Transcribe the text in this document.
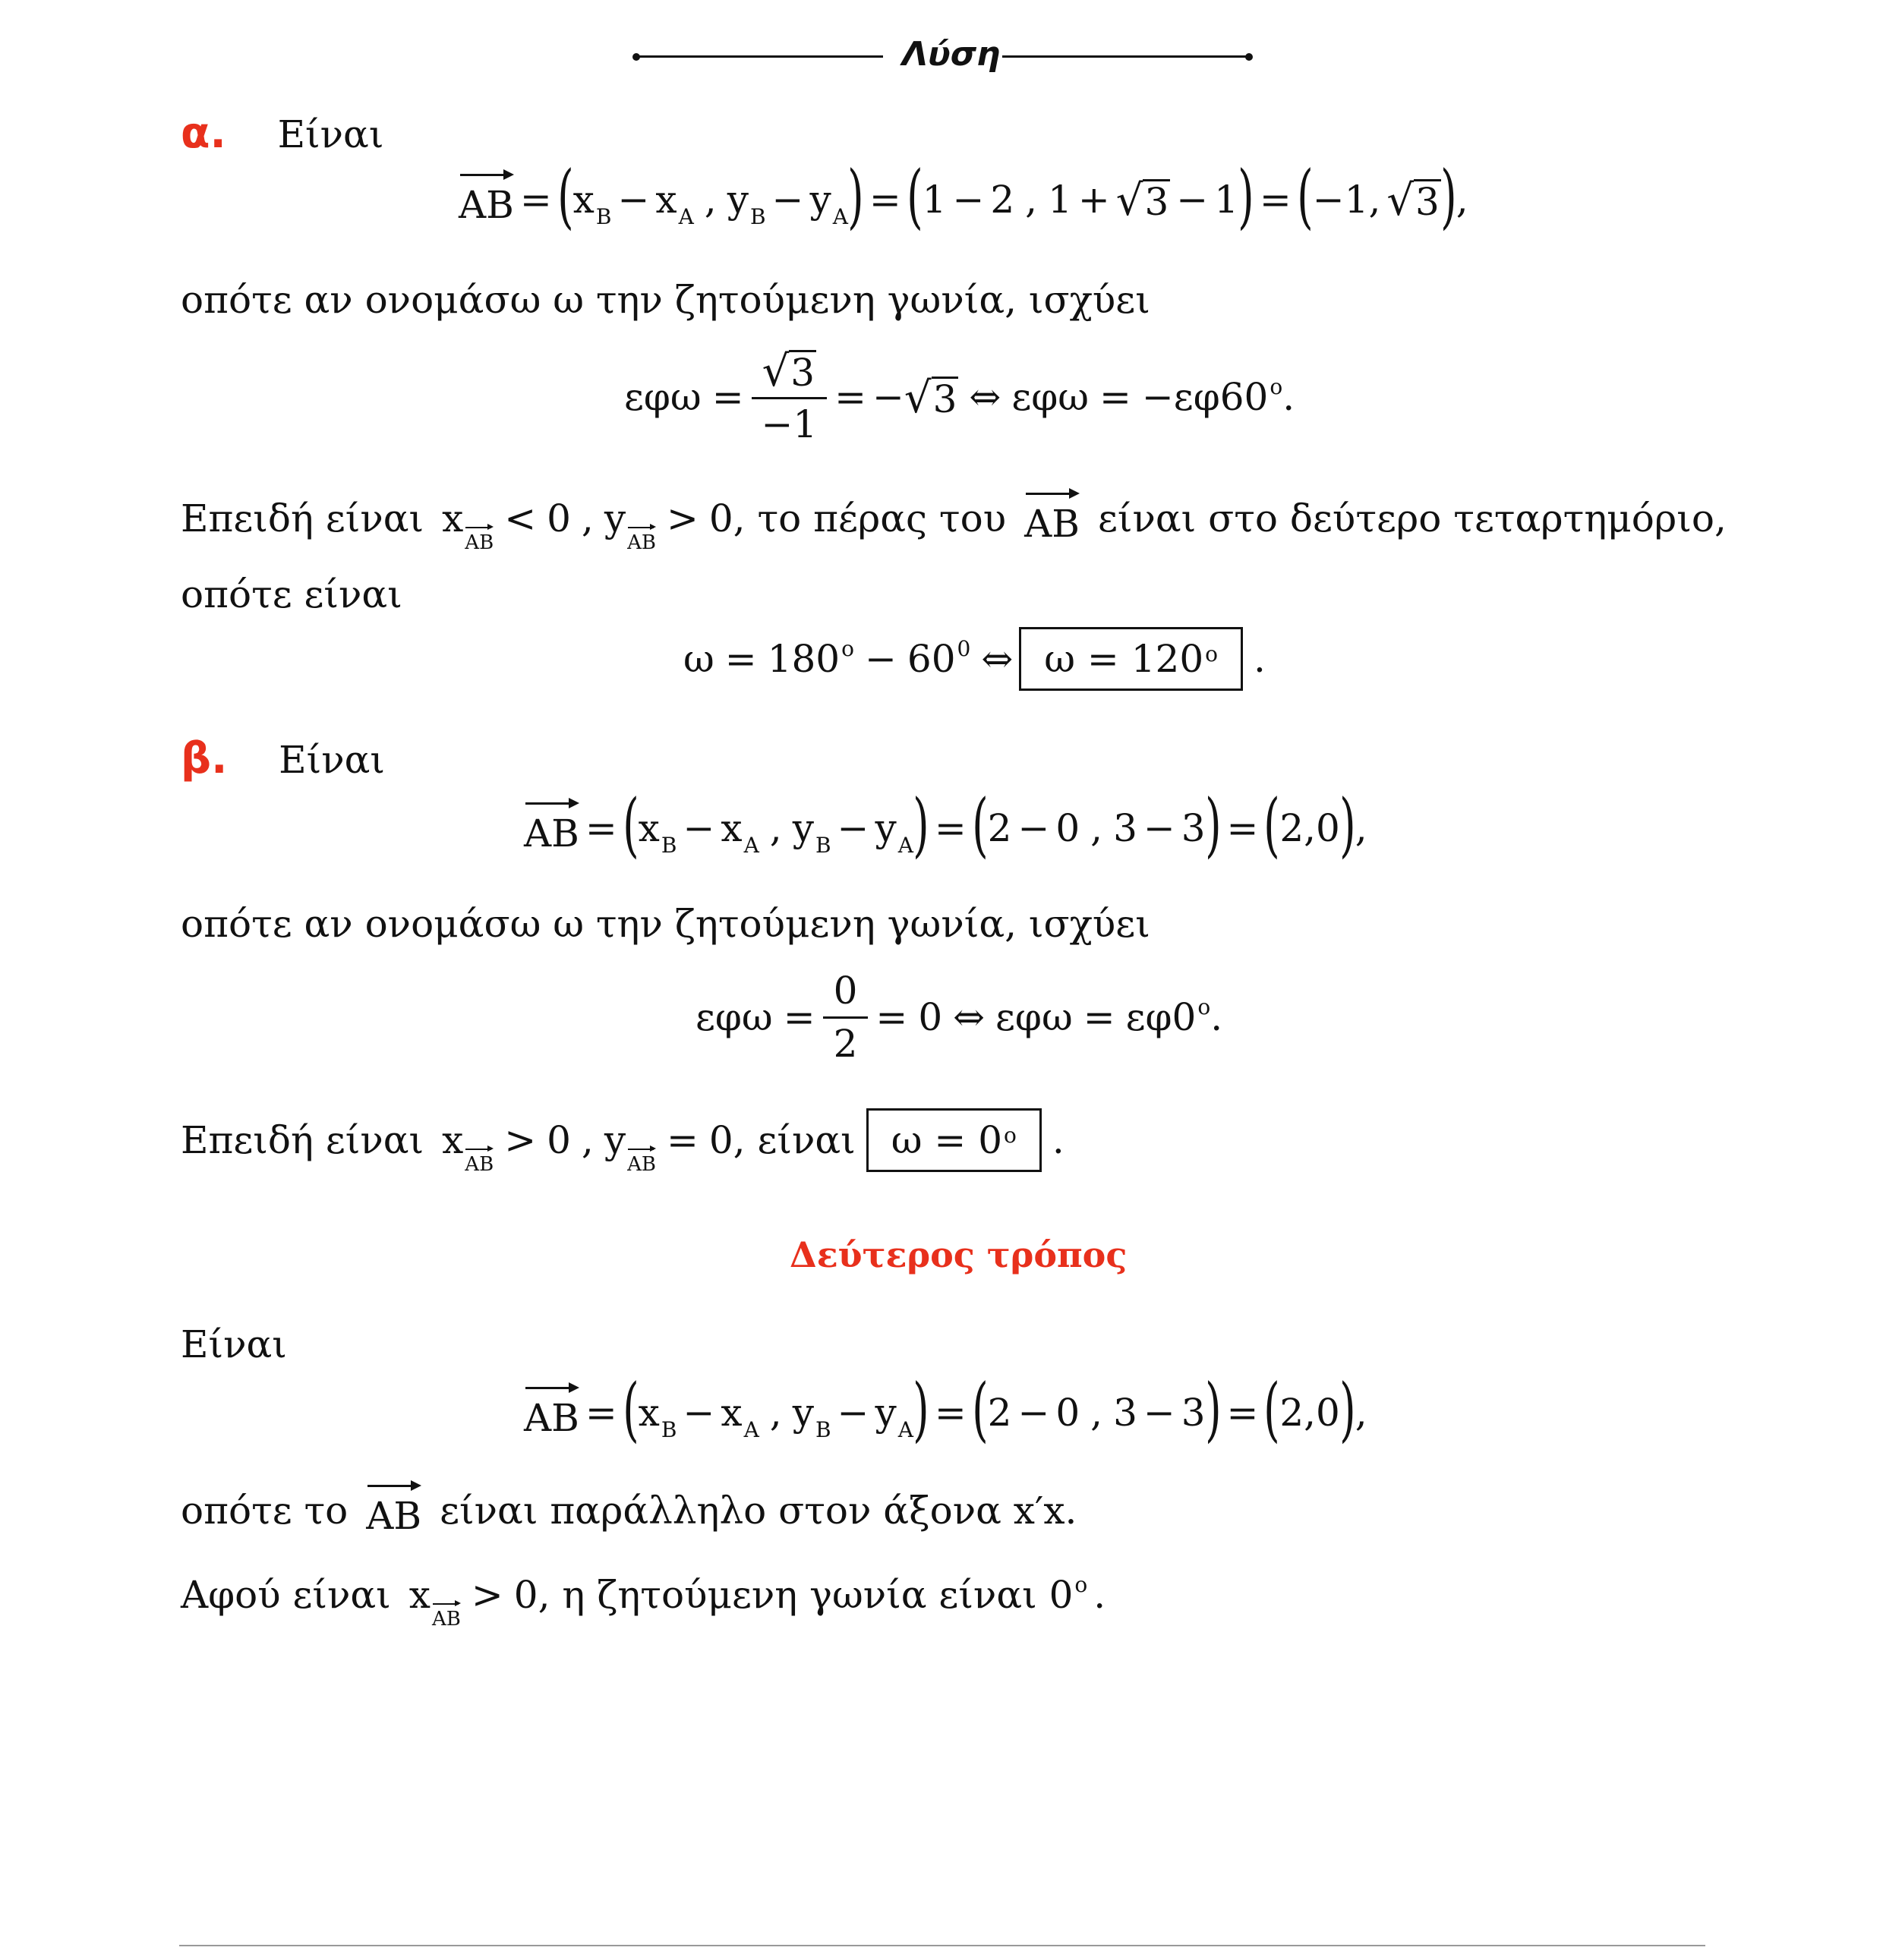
Λύση
α. Είναι
AB = ( x B − x A , y B − y A ) = ( 1 − 2 , 1 + √ 3 − 1 ) = ( −1, √ 3 ) ,
οπότε αν ονομάσω ω την ζητούμενη γωνία, ισχύει
$\varepsilon\varphi\omega = \frac{√ 3}{-1}$ = − √ 3 ⇔ εφω = −εφ60 o .
Επειδή είναι x
AB
< 0 , y
AB
> 0 , το πέρας του AB είναι στο δεύτερο τεταρτημόριο,
οπότε είναι
ω = 180 o − 60 0 ⇔ $\omega = 120^o$ .
β. Είναι
AB = ( x B − x A , y B − y A ) = ( 2 − 0 , 3 − 3 ) = ( 2,0 ) ,
οπότε αν ονομάσω ω την ζητούμενη γωνία, ισχύει
$\varepsilon\varphi\omega = \frac{0}{2} = 0$ ⇔ εφω = εφ0 o .
Επειδή είναι x
AB
> 0 , y
AB
= 0 , είναι $\omega = 0^o$ .
Δεύτερος τρόπος
Είναι
AB = ( x B − x A , y B − y A ) = ( 2 − 0 , 3 − 3 ) = ( 2,0 ) ,
οπότε το AB είναι παράλληλο στον άξονα x′x.
Αφού είναι x
AB
> 0 , η ζητούμενη γωνία είναι 0 o .
